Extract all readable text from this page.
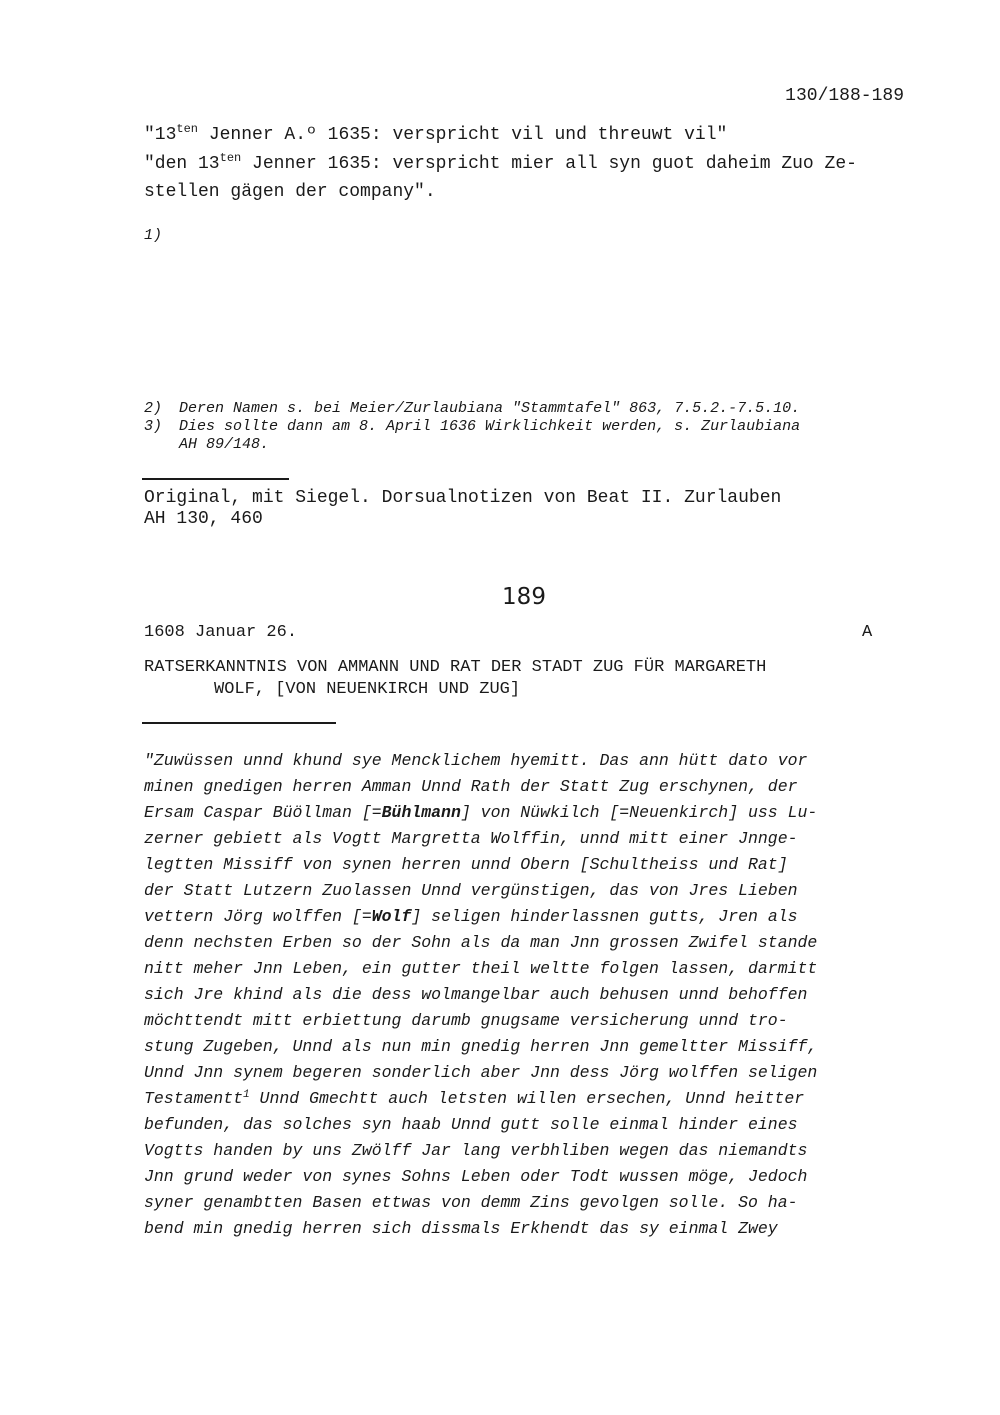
130/188-189
"$13^{ten}$ Jenner A.º 1635: verspricht vil und threuwt vil"
"den $13^{ten}$ Jenner 1635: verspricht mier all syn guot daheim Zuo Ze-
stellen gägen der company".
1)
2) Deren Namen s. bei Meier/Zurlaubiana "Stammtafel" 863, 7.5.2.-7.5.10.
3) Dies sollte dann am 8. April 1636 Wirklichkeit werden, s. Zurlaubiana
AH 89/148.
Original, mit Siegel. Dorsualnotizen von Beat II. Zurlauben
AH 130, 460
189
1608 Januar 26.	A
RATSERKANNTNIS VON AMMANN UND RAT DER STADT ZUG FÜR MARGARETH
WOLF, [VON NEUENKIRCH UND ZUG]
"Zuwüssen unnd khund sye Mencklichem hyemitt. Das ann hütt dato vor
minen gnedigen herren Amman Unnd Rath der Statt Zug erschynen, der
Ersam Caspar Büöllman [=Bühlmann] von Nüwkilch [=Neuenkirch] uss Lu-
zerner gebiett als Vogtt Margretta Wolffin, unnd mitt einer Jnnge-
legtten Missiff von synen herren unnd Obern [Schultheiss und Rat]
der Statt Lutzern Zuolassen Unnd vergünstigen, das von Jres Lieben
vettern Jörg wolffen [=Wolf] seligen hinderlassnen gutts, Jren als
denn nechsten Erben so der Sohn als da man Jnn grossen Zwifel stande
nitt meher Jnn Leben, ein gutter theil weltte folgen lassen, darmitt
sich Jre khind als die dess wolmangelbar auch behusen unnd behoffen
möchttendt mitt erbiettung darumb gnugsame versicherung unnd tro-
stung Zugeben, Unnd als nun min gnedig herren Jnn gemeltter Missiff,
Unnd Jnn synem begeren sonderlich aber Jnn dess Jörg wolffen seligen
Testamentt$^1$ Unnd Gmechtt auch letsten willen ersechen, Unnd heitter
befunden, das solches syn haab Unnd gutt solle einmal hinder eines
Vogtts handen by uns Zwölff Jar lang verbhliben wegen das niemandts
Jnn grund weder von synes Sohns Leben oder Todt wussen möge, Jedoch
syner genambtten Basen ettwas von demm Zins gevolgen solle. So ha-
bend min gnedig herren sich dissmals Erkhendt das sy einmal Zwey
